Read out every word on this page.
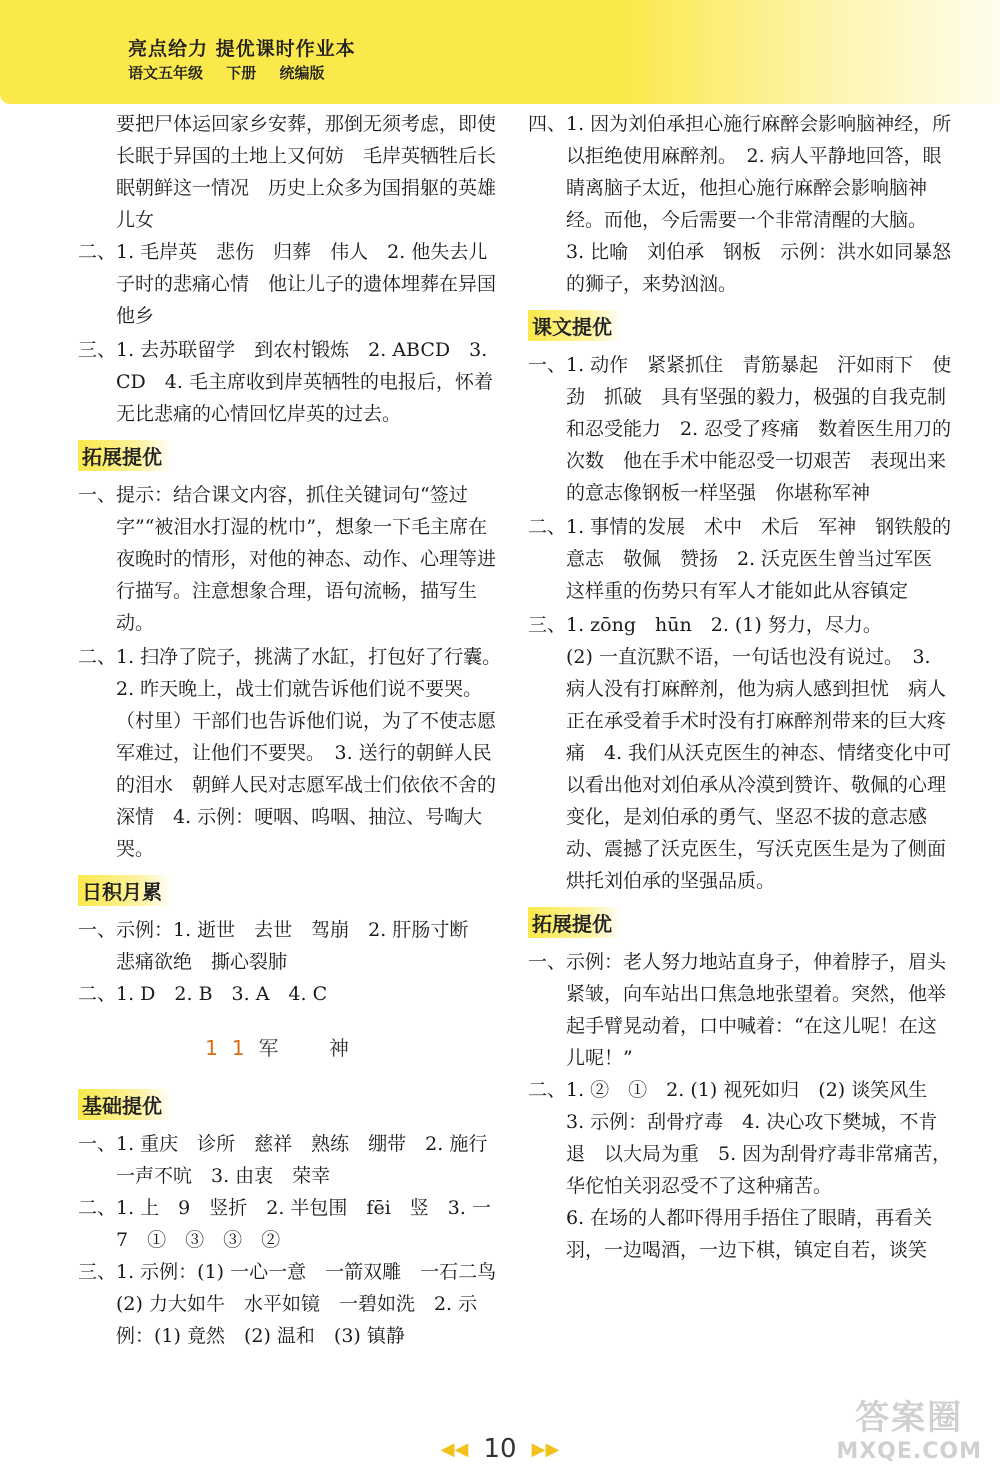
亮点给力 提优课时作业本
语文五年级 下册 统编版

要把尸体运回家乡安葬，那倒无须考虑，即使长眠于异国的土地上又何妨　毛岸英牺牲后长眠朝鲜这一情况　历史上众多为国捐躯的英雄儿女

二、1. 毛岸英　悲伤　归葬　伟人　2. 他失去儿子时的悲痛心情　他让儿子的遗体埋葬在异国他乡

三、1. 去苏联留学　到农村锻炼　2. ABCD　3. CD　4. 毛主席收到岸英牺牲的电报后，怀着无比悲痛的心情回忆岸英的过去。

拓展提优

一、提示：结合课文内容，抓住关键词句“签过字”“被泪水打湿的枕巾”，想象一下毛主席在夜晚时的情形，对他的神态、动作、心理等进行描写。注意想象合理，语句流畅，描写生动。

二、1. 扫净了院子，挑满了水缸，打包好了行囊。　2. 昨天晚上，战士们就告诉他们说不要哭。（村里）干部们也告诉他们说，为了不使志愿军难过，让他们不要哭。　3. 送行的朝鲜人民的泪水　朝鲜人民对志愿军战士们依依不舍的深情　4. 示例：哽咽、呜咽、抽泣、号啕大哭。

日积月累

一、示例：1. 逝世　去世　驾崩　2. 肝肠寸断　悲痛欲绝　撕心裂肺

二、1. D　2. B　3. A　4. C

11军 神
基础提优

一、1. 重庆　诊所　慈祥　熟练　绷带　2. 施行　一声不吭　3. 由衷　荣幸

二、1. 上　9　竖折　2. 半包围　fēi　竖　3. 一　7　①　③　③　②

三、1. 示例：(1) 一心一意　一箭双雕　一石二鸟　(2) 力大如牛　水平如镜　一碧如洗　2. 示例：(1) 竟然　(2) 温和　(3) 镇静

四、1. 因为刘伯承担心施行麻醉会影响脑神经，所以拒绝使用麻醉剂。　2. 病人平静地回答，眼睛离脑子太近，他担心施行麻醉会影响脑神经。而他，今后需要一个非常清醒的大脑。　3. 比喻　刘伯承　钢板　示例：洪水如同暴怒的狮子，来势汹汹。

课文提优

一、1. 动作　紧紧抓住　青筋暴起　汗如雨下　使劲　抓破　具有坚强的毅力，极强的自我克制和忍受能力　2. 忍受了疼痛　数着医生用刀的次数　他在手术中能忍受一切艰苦　表现出来的意志像钢板一样坚强　你堪称军神

二、1. 事情的发展　术中　术后　军神　钢铁般的意志　敬佩　赞扬　2. 沃克医生曾当过军医　这样重的伤势只有军人才能如此从容镇定

三、1. zōng　hūn　2. (1) 努力，尽力。

(2) 一直沉默不语，一句话也没有说过。　3. 病人没有打麻醉剂，他为病人感到担忧　病人正在承受着手术时没有打麻醉剂带来的巨大疼痛　4. 我们从沃克医生的神态、情绪变化中可以看出他对刘伯承从冷漠到赞许、敬佩的心理变化，是刘伯承的勇气、坚忍不拔的意志感动、震撼了沃克医生，写沃克医生是为了侧面烘托刘伯承的坚强品质。

拓展提优

一、示例：老人努力地站直身子，伸着脖子，眉头紧皱，向车站出口焦急地张望着。突然，他举起手臂晃动着，口中喊着：“在这儿呢！在这儿呢！”

二、1. ②　①　2. (1) 视死如归　(2) 谈笑风生　3. 示例：刮骨疗毒　4. 决心攻下樊城，不肯退　以大局为重　5. 因为刮骨疗毒非常痛苦，华佗怕关羽忍受不了这种痛苦。

6. 在场的人都吓得用手捂住了眼睛，再看关羽，一边喝酒，一边下棋，镇定自若，谈笑

◀◀ 10 ▶▶
答案圈
MXQE.COM
